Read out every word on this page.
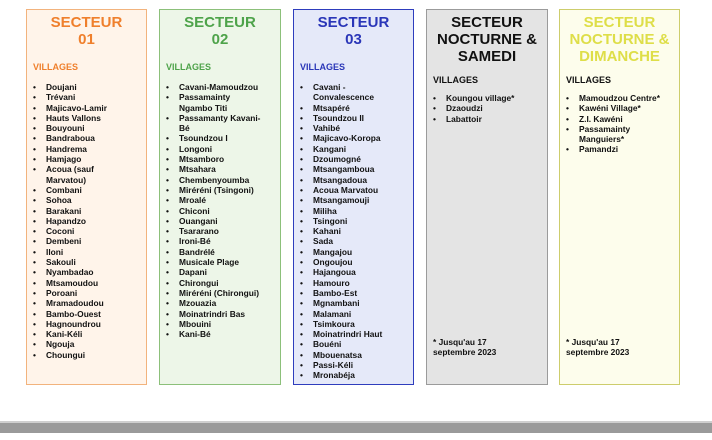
SECTEUR
01
VILLAGES
• Doujani
• Trévani
• Majicavo-Lamir
• Hauts Vallons
• Bouyouni
• Bandraboua
• Handrema
• Hamjago
• Acoua (sauf
Marvatou)
• Combani
• Sohoa
• Barakani
• Hapandzo
• Coconi
• Dembeni
• Iloni
• Sakouli
• Nyambadao
• Mtsamoudou
• Poroani
• Mramadoudou
• Bambo-Ouest
• Hagnoundrou
• Kani-Kéli
• Ngouja
• Choungui
SECTEUR
02
VILLAGES
• Cavani-Mamoudzou
• Passamainty
Ngambo Titi
• Passamanty Kavani-
Bé
• Tsoundzou I
• Longoni
• Mtsamboro
• Mtsahara
• Chembenyoumba
• Miréréni (Tsingoni)
• Mroalé
• Chiconi
• Ouangani
• Tsararano
• Ironi-Bé
• Bandrélé
• Musicale Plage
• Dapani
• Chirongui
• Miréréni (Chirongui)
• Mzouazia
• Moinatrindri Bas
• Mbouini
• Kani-Bé
SECTEUR
03
VILLAGES
• Cavani -
Convalescence
• Mtsapéré
• Tsoundzou II
• Vahibé
• Majicavo-Koropa
• Kangani
• Dzoumogné
• Mtsangamboua
• Mtsangadoua
• Acoua Marvatou
• Mtsangamouji
• Miliha
• Tsingoni
• Kahani
• Sada
• Mangajou
• Ongoujou
• Hajangoua
• Hamouro
• Bambo-Est
• Mgnambani
• Malamani
• Tsimkoura
• Moinatrindri Haut
• Bouéni
• Mbouenatsa
• Passi-Kéli
• Mronabéja
SECTEUR
NOCTURNE &
SAMEDI
VILLAGES
• Koungou village*
• Dzaoudzi
• Labattoir
* Jusqu'au 17
septembre 2023
SECTEUR
NOCTURNE &
DIMANCHE
VILLAGES
• Mamoudzou Centre*
• Kawéni Village*
• Z.I. Kawéni
• Passamainty
Manguiers*
• Pamandzi
* Jusqu'au 17
septembre 2023
